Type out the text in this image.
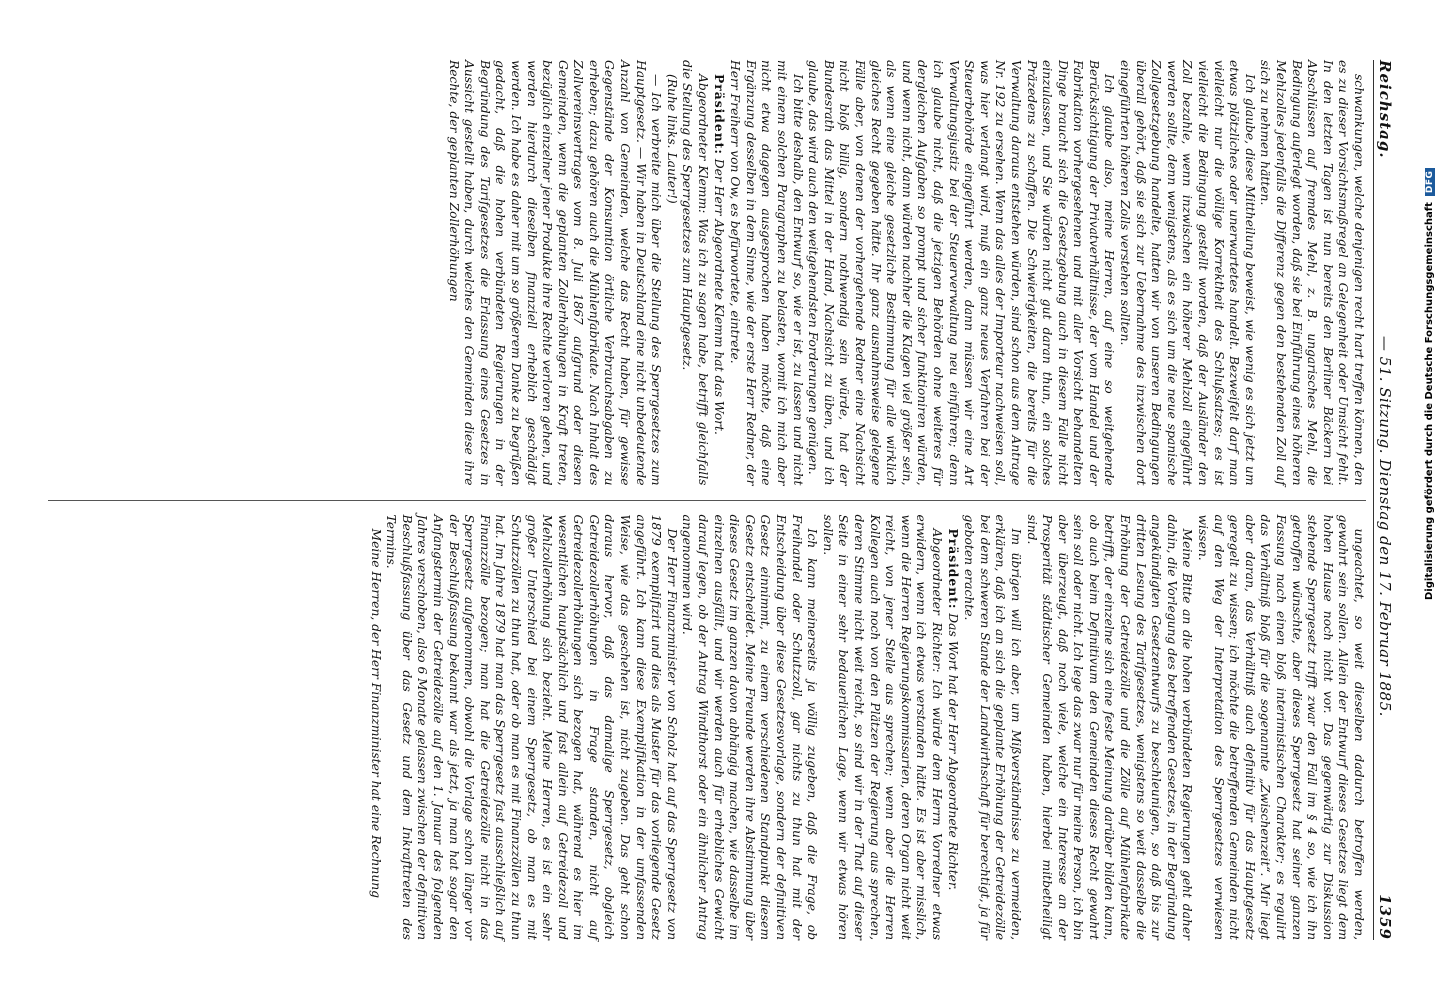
Reichstag.
— 51. Sitzung. Dienstag den 17. Februar 1885.
1359

schwankungen, welche denjenigen recht hart treffen können, den es zu dieser Vorsichtsmaßregel an Gelegenheit oder Umsicht fehlt. In den letzten Tagen ist nun bereits den Berliner Bäckern bei Abschlüssen auf fremdes Mehl, z. B. ungarisches Mehl, die Bedingung auferlegt worden, daß sie bei Einführung eines höheren Mehlzolles jedenfalls die Differenz gegen den bestehenden Zoll auf sich zu nehmen hätten.

Ich glaube, diese Mittheilung beweist, wie wenig es sich jetzt um etwas plötzliches oder unerwartetes handelt. Bezweifelt darf man vielleicht nur die völlige Korrektheit des Schlußsatzes; es ist vielleicht die Bedingung gestellt worden, daß der Ausländer den Zoll bezahle, wenn inzwischen ein höherer Mehlzoll eingeführt werden sollte, denn wenigstens, als es sich um die neue spanische Zollgesetzgebung handelte, hatten wir von unseren Bedingungen überall gehört, daß sie sich zur Uebernahme des inzwischen dort eingeführten höheren Zolls verstehen sollten.

Ich glaube also, meine Herren, auf eine so weitgehende Berücksichtigung der Privatverhältnisse, der vom Handel und der Fabrikation vorhergesehenen und mit aller Vorsicht behandelten Dinge braucht sich die Gesetzgebung auch in diesem Falle nicht einzulassen, und Sie würden nicht gut daran thun, ein solches Präzedens zu schaffen. Die Schwierigkeiten, die bereits für die Verwaltung daraus entstehen würden, sind schon aus dem Antrage Nr. 192 zu ersehen. Wenn das alles der Importeur nachweisen soll, was hier verlangt wird, muß ein ganz neues Verfahren bei der Steuerbehörde eingeführt werden, dann müssen wir eine Art Verwaltungsjustiz bei der Steuerverwaltung neu einführen; denn ich glaube nicht, daß die jetzigen Behörden ohne weiteres für dergleichen Aufgaben so prompt und sicher funktioniren würden, und wenn nicht, dann würden nachher die Klagen viel größer sein, als wenn eine gleiche gesetzliche Bestimmung für alle wirklich gleiches Recht gegeben hätte. Ihr ganz ausnahmsweise gelegene Fälle aber, von denen der vorhergehende Redner eine Nachsicht nicht bloß billig, sondern nothwendig sein würde, hat der Bundesrath das Mittel in der Hand, Nachsicht zu üben, und ich glaube, das wird auch den weitgehendsten Forderungen genügen.

Ich bitte deshalb, den Entwurf so, wie er ist, zu lassen und nicht mit einem solchen Paragraphen zu belasten, womit ich mich aber nicht etwa dagegen ausgesprochen haben möchte, daß eine Ergänzung desselben in dem Sinne, wie der erste Herr Redner, der Herr Freiherr von Ow, es befürwortete, eintrete.

Präsident: Der Herr Abgeordnete Klemm hat das Wort.

Abgeordneter Klemm: Was ich zu sagen habe, betrifft gleichfalls die Stellung des Sperrgesetzes zum Hauptgesetz.

(Ruhe links. Lauter!)

— Ich verbreite mich über die Stellung des Sperrgesetzes zum Hauptgesetz. — Wir haben in Deutschland eine nicht unbedeutende Anzahl von Gemeinden, welche das Recht haben, für gewisse Gegenstände der Konsumtion örtliche Verbrauchsabgaben zu erheben; dazu gehören auch die Mühlenfabrikate. Nach Inhalt des Zollvereinsvertrages vom 8. Juli 1867 aufgrund oder diesen Gemeinden, wenn die geplanten Zollerhöhungen in Kraft treten, bezüglich einzelner jener Produkte ihre Rechte verloren gehen, und werden hierdurch dieselben finanziell erheblich geschädigt werden. Ich habe es daher mit um so größerem Danke zu begrüßen gedacht, daß die hohen verbündeten Regierungen in der Begründung des Tarifgesetzes die Erlassung eines Gesetzes in Aussicht gestellt haben, durch welches den Gemeinden diese ihre Rechte, der geplanten Zollerhöhungen

ungeachtet, so weit dieselben dadurch betroffen werden, gewahrt sein sollen. Allein der Entwurf dieses Gesetzes liegt dem hohen Hause noch nicht vor. Das gegenwärtig zur Diskussion stehende Sperrgesetz trifft zwar den Fall im § 4 so, wie ich ihn getroffen wünschte, aber dieses Sperrgesetz hat seiner ganzen Fassung nach einen bloß interimistischen Charakter; es regulirt das Verhältniß bloß für die sogenannte „Zwischenzeit“. Mir liegt aber daran, das Verhältniß auch definitiv für das Hauptgesetz geregelt zu wissen; ich möchte die betreffenden Gemeinden nicht auf den Weg der Interpretation des Sperrgesetzes verwiesen wissen.

Meine Bitte an die hohen verbündeten Regierungen geht daher dahin, die Vorlegung des betreffenden Gesetzes, in der Begründung angekündigten Gesetzentwurfs zu beschleunigen, so daß bis zur dritten Lesung des Tarifgesetzes, wenigstens so weit dasselbe die Erhöhung der Getreidezölle und die Zölle auf Mühlenfabrikate betrifft, der einzelne sich eine feste Meinung darüber bilden kann, ob auch beim Definitivum den Gemeinden dieses Recht gewahrt sein soll oder nicht. Ich lege das zwar nur für meine Person, ich bin aber überzeugt, daß noch viele, welche ein Interesse an der Prosperität städtischer Gemeinden haben, hierbei mitbetheiligt sind.

Im übrigen will ich aber, um Mißverständnisse zu vermeiden, erklären, daß ich an sich die geplante Erhöhung der Getreidezölle bei dem schweren Stande der Landwirthschaft für berechtigt, ja für geboten erachte.

Präsident: Das Wort hat der Herr Abgeordnete Richter.

Abgeordneter Richter: Ich würde dem Herrn Vorredner etwas erwidern, wenn ich etwas verstanden hätte. Es ist aber misslich, wenn die Herren Regierungskommissarien, deren Organ nicht weit reicht, von jener Stelle aus sprechen; wenn aber die Herren Kollegen auch noch von den Plätzen der Regierung aus sprechen, deren Stimme nicht weit reicht, so sind wir in der That auf dieser Seite in einer sehr bedauerlichen Lage, wenn wir etwas hören sollen.

Ich kann meinerseits ja völlig zugeben, daß die Frage, ob Freihandel oder Schutzzoll, gar nichts zu thun hat mit der Entscheidung über diese Gesetzesvorlage, sondern der definitiven Gesetz einnimmt, zu einem verschiedenen Standpunkt diesem Gesetz entscheidet. Meine Freunde werden ihre Abstimmung über dieses Gesetz im ganzen davon abhängig machen, wie dasselbe im einzelnen ausfällt, und wir werden auch für erhebliches Gewicht darauf legen, ob der Antrag Windthorst oder ein ähnlicher Antrag angenommen wird.

Der Herr Finanzminister von Scholz hat auf das Sperrgesetz von 1879 exemplifizirt und dies als Muster für das vorliegende Gesetz angeführt. Ich kann diese Exemplifikation in der umfassenden Weise, wie das geschehen ist, nicht zugeben. Das geht schon daraus hervor, daß das damalige Sperrgesetz, obgleich Getreidezollerhöhungen in Frage standen, nicht auf Getreidezollerhöhungen sich bezogen hat, während es hier im wesentlichen hauptsächlich und fast allein auf Getreidezoll und Mehlzollerhöhung sich bezieht. Meine Herren, es ist ein sehr großer Unterschied bei einem Sperrgesetz, ob man es mit Schutzzöllen zu thun hat, oder ob man es mit Finanzzöllen zu thun hat. Im Jahre 1879 hat man das Sperrgesetz fast ausschließlich auf Finanzzölle bezogen; man hat die Getreidezölle nicht in das Sperrgesetz aufgenommen, obwohl die Vorlage schon länger vor der Beschlußfassung bekannt war als jetzt, ja man hat sogar den Anfangstermin der Getreidezölle auf den 1. Januar des folgenden Jahres verschoben, also 6 Monate gelassen zwischen der definitiven Beschlußfassung über das Gesetz und dem Inkrafttreten des Termins.

Meine Herren, der Herr Finanzminister hat eine Rechnung

Digitalisierung gefördert durch die Deutsche Forschungsgemeinschaft
DFG
